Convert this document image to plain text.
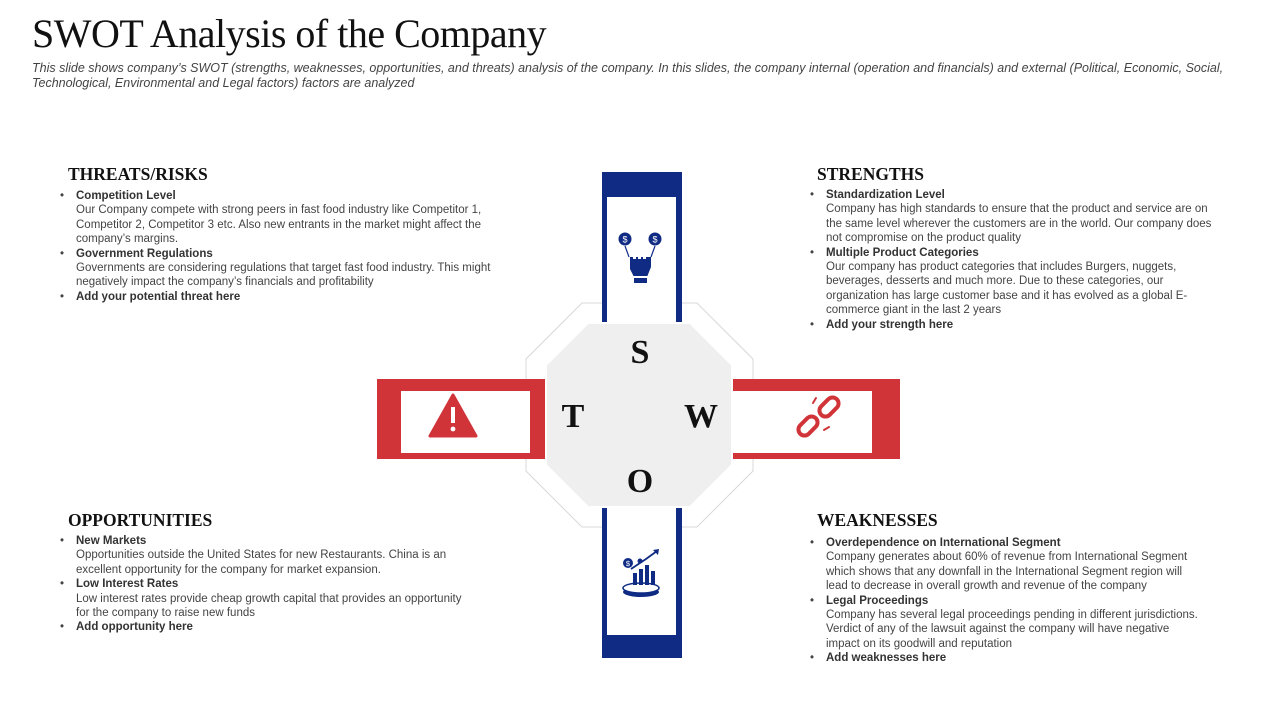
SWOT Analysis of the Company
This slide shows company’s SWOT (strengths, weaknesses, opportunities, and threats) analysis of the company. In this slides, the company internal (operation and financials) and external (Political, Economic, Social, Technological, Environmental and Legal factors) factors are analyzed
THREATS/RISKS
• Competition Level
Our Company compete with strong peers in fast food industry like Competitor 1, Competitor 2, Competitor 3 etc. Also new entrants in the market might affect the company’s margins.
• Government Regulations
Governments are considering regulations that target fast food industry. This might negatively impact the company’s financials and profitability
• Add your potential threat here
STRENGTHS
• Standardization Level
Company has high standards to ensure that the product and service are on the same level wherever the customers are in the world. Our company does not compromise on the product quality
• Multiple Product Categories
Our company has product categories that includes Burgers, nuggets, beverages, desserts and much more. Due to these categories, our organization has large customer base and it has evolved as a global E-commerce giant in the last 2 years
• Add your strength here
OPPORTUNITIES
• New Markets
Opportunities outside the United States for new Restaurants. China is an excellent opportunity for the company for market expansion.
• Low Interest Rates
Low interest rates provide cheap growth capital that provides an opportunity for the company to raise new funds
• Add opportunity here
WEAKNESSES
• Overdependence on International Segment
Company generates about 60% of revenue from International Segment which shows that any downfall in the International Segment region will lead to decrease in overall growth and revenue of the company
• Legal Proceedings
Company has several legal proceedings pending in different jurisdictions. Verdict of any of the lawsuit against the company will have negative impact on its goodwill and reputation
• Add weaknesses here
S
W
O
T
$	$
$
